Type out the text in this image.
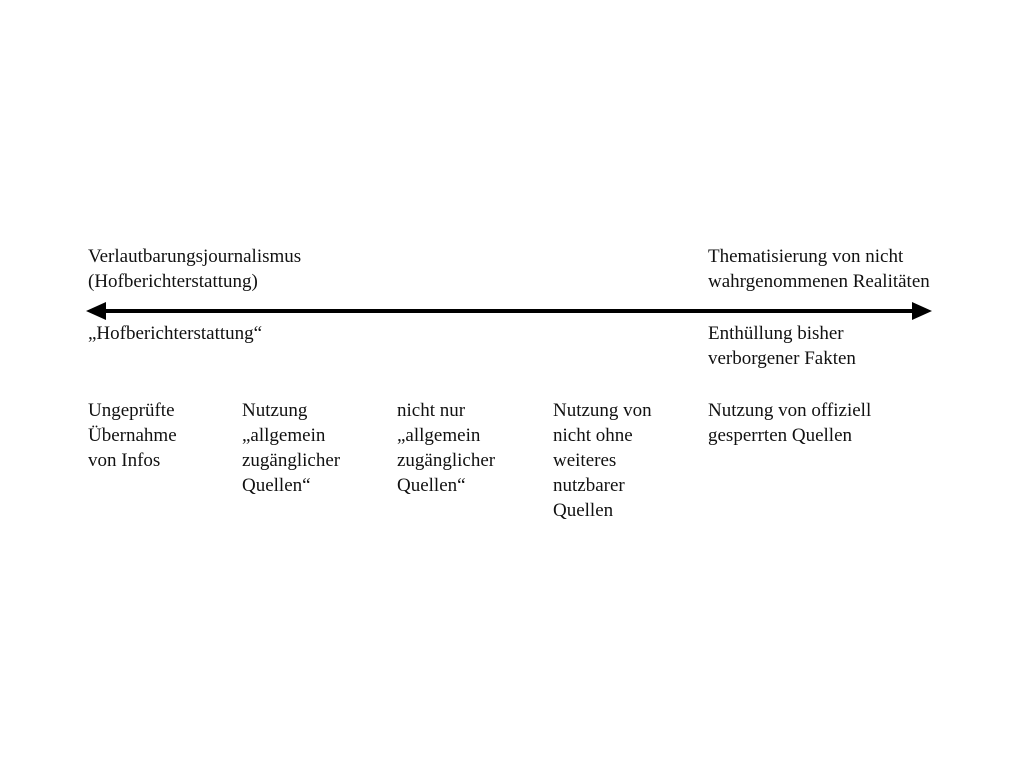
Verlautbarungsjournalismus
(Hofberichterstattung)
Thematisierung von nicht
wahrgenommenen Realitäten
„Hofberichterstattung“	Enthüllung bisher
verborgener Fakten
Ungeprüfte
Übernahme
von Infos
Nutzung
„allgemein
zugänglicher
Quellen“
nicht nur
„allgemein
zugänglicher
Quellen“
Nutzung von
nicht ohne
weiteres
nutzbarer
Quellen
Nutzung von offiziell
gesperrten Quellen
